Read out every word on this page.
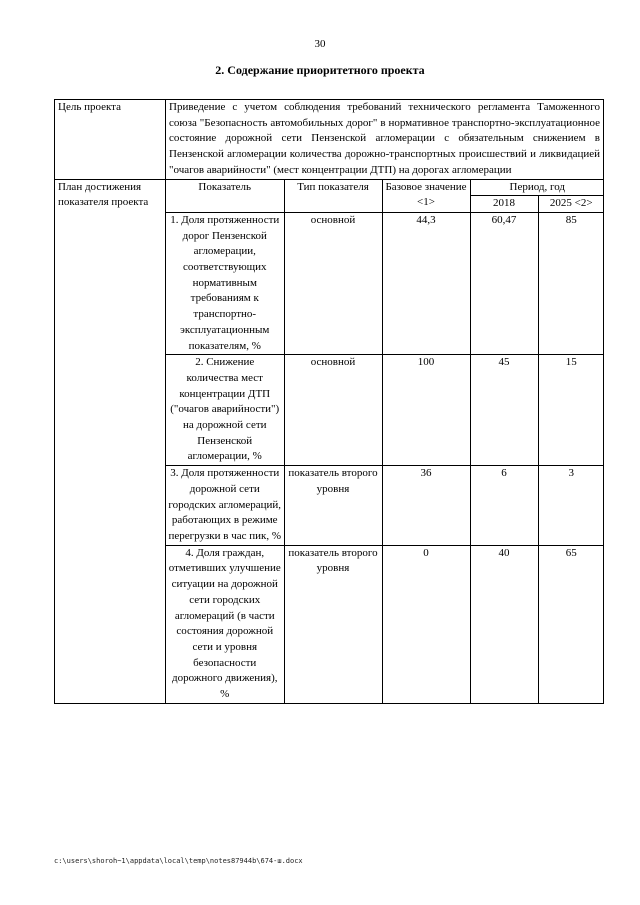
30
2. Содержание приоритетного проекта
Цель проекта	Приведение с учетом соблюдения требований технического регламента Таможенного союза "Безопасность автомобильных дорог" в нормативное транспортно-эксплуатационное состояние дорожной сети Пензенской агломерации с обязательным снижением в Пензенской агломерации количества дорожно-транспортных происшествий и ликвидацией "очагов аварийности" (мест концентрации ДТП) на дорогах агломерации
План достижения показателя проекта	
Показатель	Тип показателя	Базовое значение <1>	Период, год
2018	2025 <2>
1. Доля протяженности дорог Пензенской агломерации, соответствующих нормативным требованиям к транспортно-эксплуатационным показателям, %	основной	44,3	60,47	85
2. Снижение количества мест концентрации ДТП ("очагов аварийности") на дорожной сети Пензенской агломерации, %	основной	100	45	15
3. Доля протяженности дорожной сети городских агломераций, работающих в режиме перегрузки в час пик, %	показатель второго уровня	36	6	3
4. Доля граждан, отметивших улучшение ситуации на дорожной сети городских агломераций (в части состояния дорожной сети и уровня безопасности дорожного движения), %	показатель второго уровня	0	40	65
c:\users\shoroh~1\appdata\local\temp\notes87944b\674-ш.docx
